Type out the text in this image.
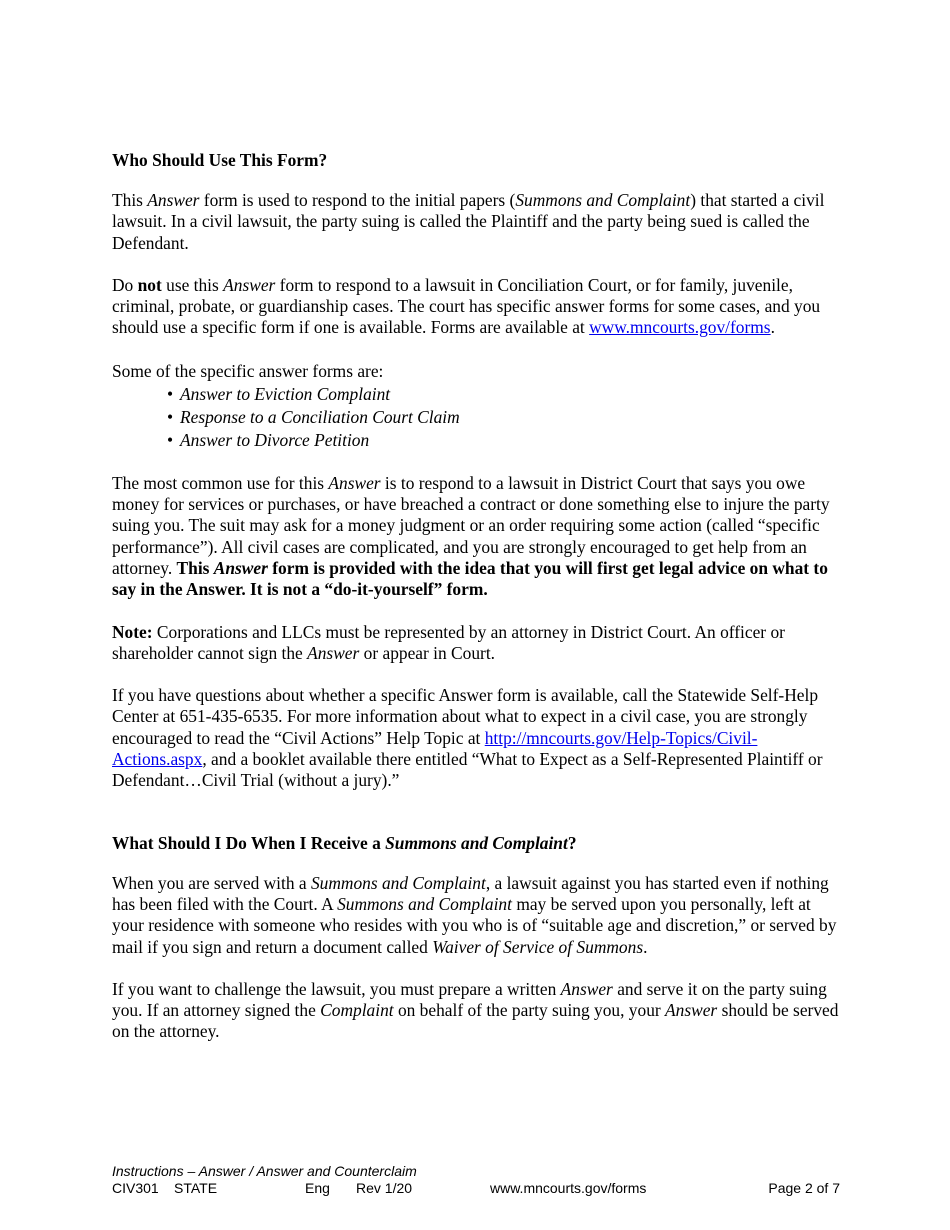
Who Should Use This Form?

This Answer form is used to respond to the initial papers (Summons and Complaint) that started a civil lawsuit. In a civil lawsuit, the party suing is called the Plaintiff and the party being sued is called the Defendant.

Do not use this Answer form to respond to a lawsuit in Conciliation Court, or for family, juvenile, criminal, probate, or guardianship cases. The court has specific answer forms for some cases, and you should use a specific form if one is available. Forms are available at www.mncourts.gov/forms.

Some of the specific answer forms are:
• Answer to Eviction Complaint
• Response to a Conciliation Court Claim
• Answer to Divorce Petition

The most common use for this Answer is to respond to a lawsuit in District Court that says you owe money for services or purchases, or have breached a contract or done something else to injure the party suing you. The suit may ask for a money judgment or an order requiring some action (called “specific performance”). All civil cases are complicated, and you are strongly encouraged to get help from an attorney. This Answer form is provided with the idea that you will first get legal advice on what to say in the Answer. It is not a “do-it-yourself” form.

Note: Corporations and LLCs must be represented by an attorney in District Court. An officer or shareholder cannot sign the Answer or appear in Court.

If you have questions about whether a specific Answer form is available, call the Statewide Self-Help Center at 651-435-6535. For more information about what to expect in a civil case, you are strongly encouraged to read the “Civil Actions” Help Topic at http://mncourts.gov/Help-Topics/Civil-Actions.aspx, and a booklet available there entitled “What to Expect as a Self-Represented Plaintiff or Defendant…Civil Trial (without a jury).”

What Should I Do When I Receive a Summons and Complaint?

When you are served with a Summons and Complaint, a lawsuit against you has started even if nothing has been filed with the Court. A Summons and Complaint may be served upon you personally, left at your residence with someone who resides with you who is of “suitable age and discretion,” or served by mail if you sign and return a document called Waiver of Service of Summons.

If you want to challenge the lawsuit, you must prepare a written Answer and serve it on the party suing you. If an attorney signed the Complaint on behalf of the party suing you, your Answer should be served on the attorney.

Instructions – Answer / Answer and Counterclaim
CIV301 STATE	Eng Rev 1/20	www.mncourts.gov/forms	Page 2 of 7
